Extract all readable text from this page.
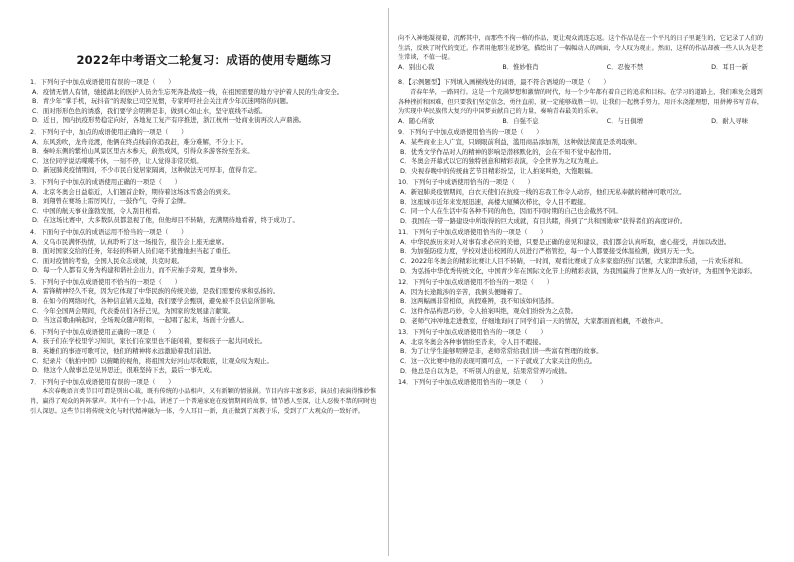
2022年中考语文二轮复习：成语的使用专题练习
1．下列句子中加点成语使用有误的一项是（　　）
A．疫情无情人有情，驰援湖北的医护人员舍生忘死奔赴战疫一线，在祖国需要的地方守护着人民的生命安全。
B．青少年“掌手机，玩抖音”的现象已司空见惯，专家呼吁社会关注青少年沉迷网络的问题。
C．面对形形色色的诱惑，我们要学会明辨是非，做到心如止水，坚守底线不动摇。
D．近日，国内抗疫形势稳定向好，各地复工复产有序推进，浙江杭州一处商业街再次人声鼎沸。
2．下列句子中，加点的成语使用正确的一项是（　　）
A．东风劲吹，龙舟竞渡，他俩在终点线前你追我赶，难分难解，不分上下。
B．秦岭东侧的紫柏山风景区里古木参天，蔚然成风，引得众多游客纷至沓来。
C．这位同学说话喋喋不休，一刻不停，让人觉得非常厌烦。
D．新冠肺炎疫情期间，不少市民自觉居家隔离，这种做法无可厚非，值得肯定。
3．下列句子中加点的成语使用正确的一项是（　　）
A．北京冬奥会日益临近，人们翘首企盼，期待着这场冰雪盛会的到来。
B．刘翔曾在赛场上雷厉风行，一鼓作气，夺得了金牌。
C．中国的航天事业蓬勃发展，令人刮目相看。
D．在这场比赛中，大多数队员都忽视了他，但他却目不转睛，充满期待地看着，终于成功了。
4．下面句子中加点的成语运用不恰当的一项是（　　）
A．义乌市民满怀热情，认真聆听了这一场报告，报告会上座无虚席。
B．面对国家交给的任务，年轻的科研人员们毫不犹豫地担当起了重任。
C．面对疫情的考验，全国人民众志成城，共克时艰。
D．每一个人都有义务为构建和谐社会出力，而不应袖手旁观，置身事外。
5．下列句子中加点成语使用不恰当的一项是（　　）
A．雷锋精神经久不衰，因为它体现了中华民族的传统美德，是我们需要传承和弘扬的。
B．在如今的网络时代，各种信息铺天盖地，我们要学会甄别，避免被不良信息所影响。
C．今年全国两会期间，代表委员们各抒己见，为国家的发展建言献策。
D．当这首歌曲响起时，全场观众随声附和，一起唱了起来，场面十分感人。
6．下列句子中加点成语使用正确的一项是（　　）
A．孩子们在学校里学习知识，家长们在家里也不能闲着，要和孩子一起共同成长。
B．英雄们的事迹可歌可泣，他们的精神将永远激励着我们前进。
C．纪录片《航拍中国》以俯瞰的视角，将祖国大好河山尽收眼底，让观众叹为观止。
D．他这个人做事总是见异思迁，很难坚持下去，最后一事无成。
7．下列句子中加点成语使用有误的一项是（　　）
本次春晚语言类节目可谓是别出心裁，既有传统的小品相声，又有新颖的情景剧。节目内容丰富多彩，演员们表演得惟妙惟肖，赢得了观众的阵阵掌声。其中有一个小品，讲述了一个普通家庭在疫情期间的故事，情节感人至深，让人忍俊不禁的同时也引人深思。这些节目将传统文化与时代精神融为一体，令人耳目一新，真正做到了寓教于乐，受到了广大观众的一致好评。
向不入神地凝视着，沉醉其中，而那些不拘一格的作品，更让观众流连忘返。这个作品是在一个平凡的日子里诞生的，它记录了人们的生活，反映了时代的变迁。作者用他那生花妙笔，描绘出了一幅幅动人的画面，令人叹为观止。然而，这样的作品却被一些人认为是老生常谈，不值一提。
A．别出心裁	B．惟妙惟肖	C．忍俊不禁	D．耳目一新
8．【示例题型】下列填入画横线处的词语，最不符合语境的一项是（　　）
青春年华，一路同行。这是一个充满梦想和激情的时代，每一个少年都有着自己的追求和目标。在学习的道路上，我们难免会遇到各种挫折和困难，但只要我们坚定信念，勇往直前，就一定能够战胜一切。让我们一起携手努力，用汗水浇灌理想，用拼搏书写青春，为实现中华民族伟大复兴的中国梦贡献自己的力量，奏响青春最美的乐章。
A．随心所欲	B．自强不息	C．与日俱增	D．耐人寻味
9．下列句子中加点成语使用恰当的一项是（　　）
A．某些商业主人广宣，只顾眼前利益，滥用商品添加剂，这种做法简直是杀鸡取卵。
B．优秀文学作品对人的精神的影响是潜移默化的，会在不知不觉中起作用。
C．冬奥会开幕式以它的独特创意和精彩表演，令全世界为之叹为观止。
D．央视春晚中的传统曲艺节目精彩纷呈，让人拍案叫绝，大饱眼福。
10．下列句子中成语使用恰当的一项是（　　）
A．新冠肺炎疫情期间，白衣天使们在抗疫一线的忘我工作令人动容，他们无私奉献的精神可歌可泣。
B．这座城市近年来发展迅速，高楼大厦鳞次栉比，令人目不暇接。
C．同一个人在生活中有各种不同的角色，因而不同时期的自己也会截然不同。
D．我国在一带一路建设中所取得的巨大成就，有目共睹，得到了“共和国勋章”获得者们的高度评价。
11．下列句子中加点成语使用恰当的一项是（　　）
A．中华民族历来对人对事有求必应的美德，只要是正确的意见和建议，我们都会认真听取，虚心接受，并加以改进。
B．为加强防疫力度，学校对进出校园的人员进行严格管控，每一个人都要接受体温检测，做到万无一失。
C．2022年冬奥会的精彩比赛让人目不转睛，一时间，观看比赛成了众多家庭的热门话题，大家津津乐道，一片欢乐祥和。
D．为弘扬中华优秀传统文化，中国青少年在国际文化节上的精彩表演，为我国赢得了世界友人的一致好评，为祖国争光添彩。
12．下列句子中加点成语使用不恰当的一项是（　　）
A．因为长途跋涉的辛苦，我倒头便睡着了。
B．这两幅画非常相似，真假难辨，我不知该如何选择。
C．这件作品构思巧妙，令人拍案叫绝，观众们纷纷为之点赞。
D．老师气冲冲地走进教室，仔细地询问了同学们前一天的情况，大家都面面相觑，不敢作声。
13．下列句子中加点成语使用恰当的一项是（　　）
A．北京冬奥会各种事情纷至沓来，令人目不暇接。
B．为了让学生能够明辨是非，老师常常给我们讲一些富有哲理的故事。
C．这一次比赛中他的表现可圈可点，一下子就成了大家关注的焦点。
D．他总是自以为是，不听别人的意见，结果常常弄巧成拙。
14．下列句子中加点成语使用恰当的一项是（　　）
